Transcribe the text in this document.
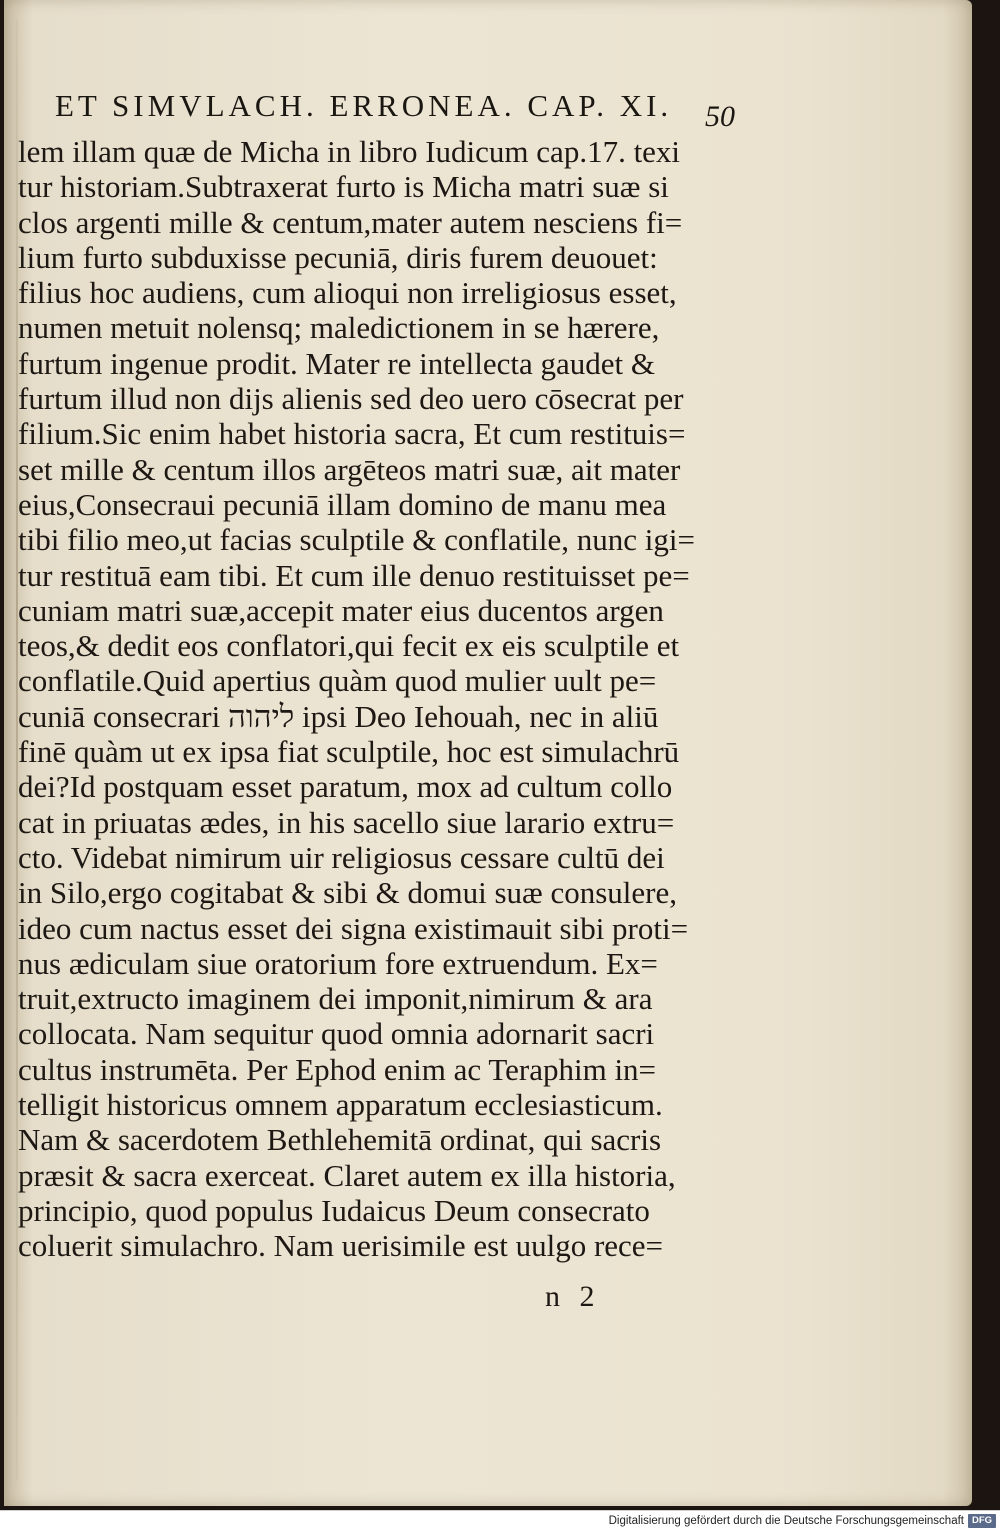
ET SIMVLACH. ERRONEA. CAP. XI.	50
lem illam quæ de Micha in libro Iudicum cap.17. texi
tur historiam.Subtraxerat furto is Micha matri suæ si
clos argenti mille & centum,mater autem nesciens fi=
lium furto subduxisse pecuniā, diris furem deuouet:
filius hoc audiens, cum alioqui non irreligiosus esset,
numen metuit nolensq; maledictionem in se hærere,
furtum ingenue prodit. Mater re intellecta gaudet &
furtum illud non dijs alienis sed deo uero cōsecrat per
filium.Sic enim habet historia sacra, Et cum restituis=
set mille & centum illos argēteos matri suæ, ait mater
eius,Consecraui pecuniā illam domino de manu mea
tibi filio meo,ut facias sculptile & conflatile, nunc igi=
tur restituā eam tibi. Et cum ille denuo restituisset pe=
cuniam matri suæ,accepit mater eius ducentos argen
teos,& dedit eos conflatori,qui fecit ex eis sculptile et
conflatile.Quid apertius quàm quod mulier uult pe=
cuniā consecrari ליהוה ipsi Deo Iehouah, nec in aliū
finē quàm ut ex ipsa fiat sculptile, hoc est simulachrū
dei?Id postquam esset paratum, mox ad cultum collo
cat in priuatas ædes, in his sacello siue larario extru=
cto. Videbat nimirum uir religiosus cessare cultū dei
in Silo,ergo cogitabat & sibi & domui suæ consulere,
ideo cum nactus esset dei signa existimauit sibi proti=
nus ædiculam siue oratorium fore extruendum. Ex=
truit,extructo imaginem dei imponit,nimirum & ara
collocata. Nam sequitur quod omnia adornarit sacri
cultus instrumēta. Per Ephod enim ac Teraphim in=
telligit historicus omnem apparatum ecclesiasticum.
Nam & sacerdotem Bethlehemitā ordinat, qui sacris
præsit & sacra exerceat. Claret autem ex illa historia,
principio, quod populus Iudaicus Deum consecrato
coluerit simulachro. Nam uerisimile est uulgo rece=
n 2
Digitalisierung gefördert durch die Deutsche Forschungsgemeinschaft DFG
